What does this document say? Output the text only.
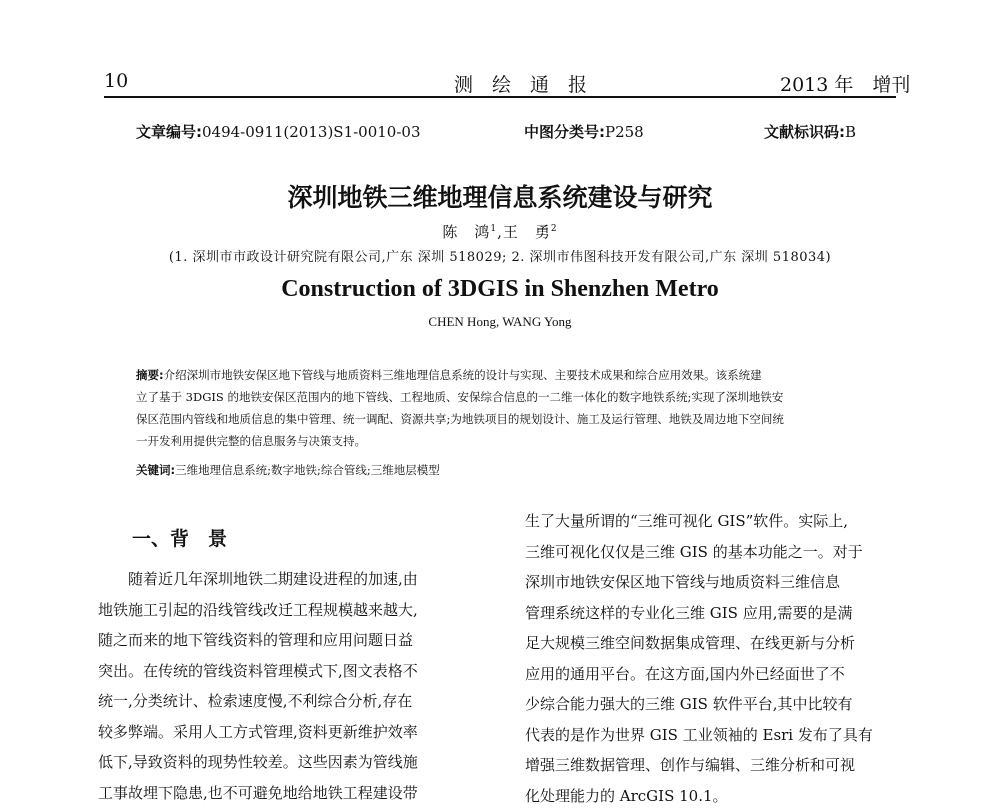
10	测　绘　通　报	2013 年　增刊
文章编号:0494-0911(2013)S1-0010-03	中图分类号:P258	文献标识码:B
深圳地铁三维地理信息系统建设与研究
陈　鸿$^1$,王　勇$^2$
(1. 深圳市市政设计研究院有限公司,广东 深圳 518029; 2. 深圳市伟图科技开发有限公司,广东 深圳 518034)
Construction of 3DGIS in Shenzhen Metro
CHEN Hong, WANG Yong
摘要:介绍深圳市地铁安保区地下管线与地质资料三维地理信息系统的设计与实现、主要技术成果和综合应用效果。该系统建
立了基于 3DGIS 的地铁安保区范围内的地下管线、工程地质、安保综合信息的一二维一体化的数字地铁系统;实现了深圳地铁安
保区范围内管线和地质信息的集中管理、统一调配、资源共享;为地铁项目的规划设计、施工及运行管理、地铁及周边地下空间统
一开发利用提供完整的信息服务与决策支持。
关键词:三维地理信息系统;数字地铁;综合管线;三维地层模型
一、背　景
随着近几年深圳地铁二期建设进程的加速,由
地铁施工引起的沿线管线改迁工程规模越来越大,
随之而来的地下管线资料的管理和应用问题日益
突出。在传统的管线资料管理模式下,图文表格不
统一,分类统计、检索速度慢,不利综合分析,存在
较多弊端。采用人工方式管理,资料更新维护效率
低下,导致资料的现势性较差。这些因素为管线施
工事故埋下隐患,也不可避免地给地铁工程建设带
生了大量所谓的“三维可视化 GIS”软件。实际上,
三维可视化仅仅是三维 GIS 的基本功能之一。对于
深圳市地铁安保区地下管线与地质资料三维信息
管理系统这样的专业化三维 GIS 应用,需要的是满
足大规模三维空间数据集成管理、在线更新与分析
应用的通用平台。在这方面,国内外已经面世了不
少综合能力强大的三维 GIS 软件平台,其中比较有
代表的是作为世界 GIS 工业领袖的 Esri 发布了具有
增强三维数据管理、创作与编辑、三维分析和可视
化处理能力的 ArcGIS 10.1。
